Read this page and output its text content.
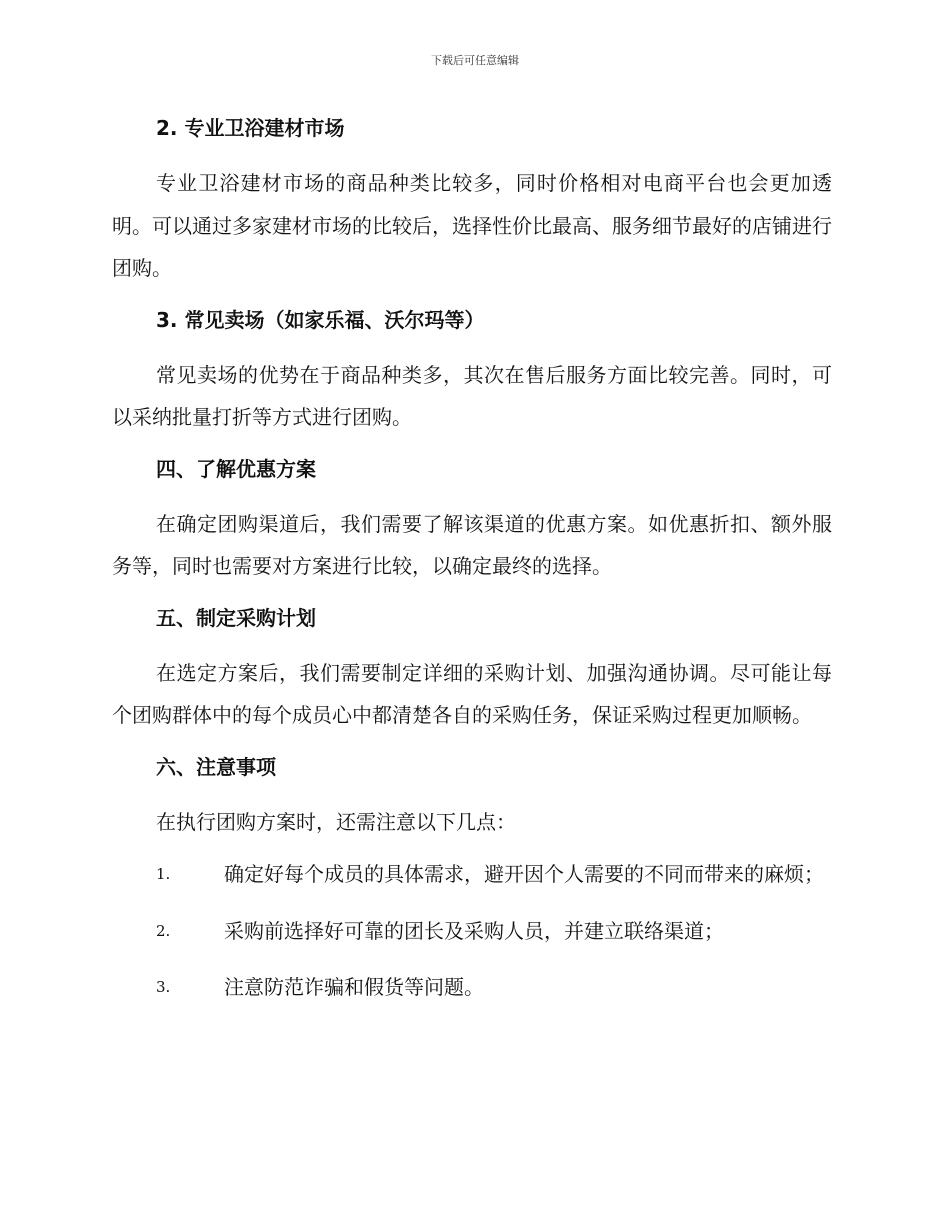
下载后可任意编辑
2. 专业卫浴建材市场
专业卫浴建材市场的商品种类比较多，同时价格相对电商平台也会更加透明。可以通过多家建材市场的比较后，选择性价比最高、服务细节最好的店铺进行团购。
3. 常见卖场（如家乐福、沃尔玛等）
常见卖场的优势在于商品种类多，其次在售后服务方面比较完善。同时，可以采纳批量打折等方式进行团购。
四、了解优惠方案
在确定团购渠道后，我们需要了解该渠道的优惠方案。如优惠折扣、额外服务等，同时也需要对方案进行比较，以确定最终的选择。
五、制定采购计划
在选定方案后，我们需要制定详细的采购计划、加强沟通协调。尽可能让每个团购群体中的每个成员心中都清楚各自的采购任务，保证采购过程更加顺畅。
六、注意事项
在执行团购方案时，还需注意以下几点：
1.	确定好每个成员的具体需求，避开因个人需要的不同而带来的麻烦；
2.	采购前选择好可靠的团长及采购人员，并建立联络渠道；
3.	注意防范诈骗和假货等问题。
